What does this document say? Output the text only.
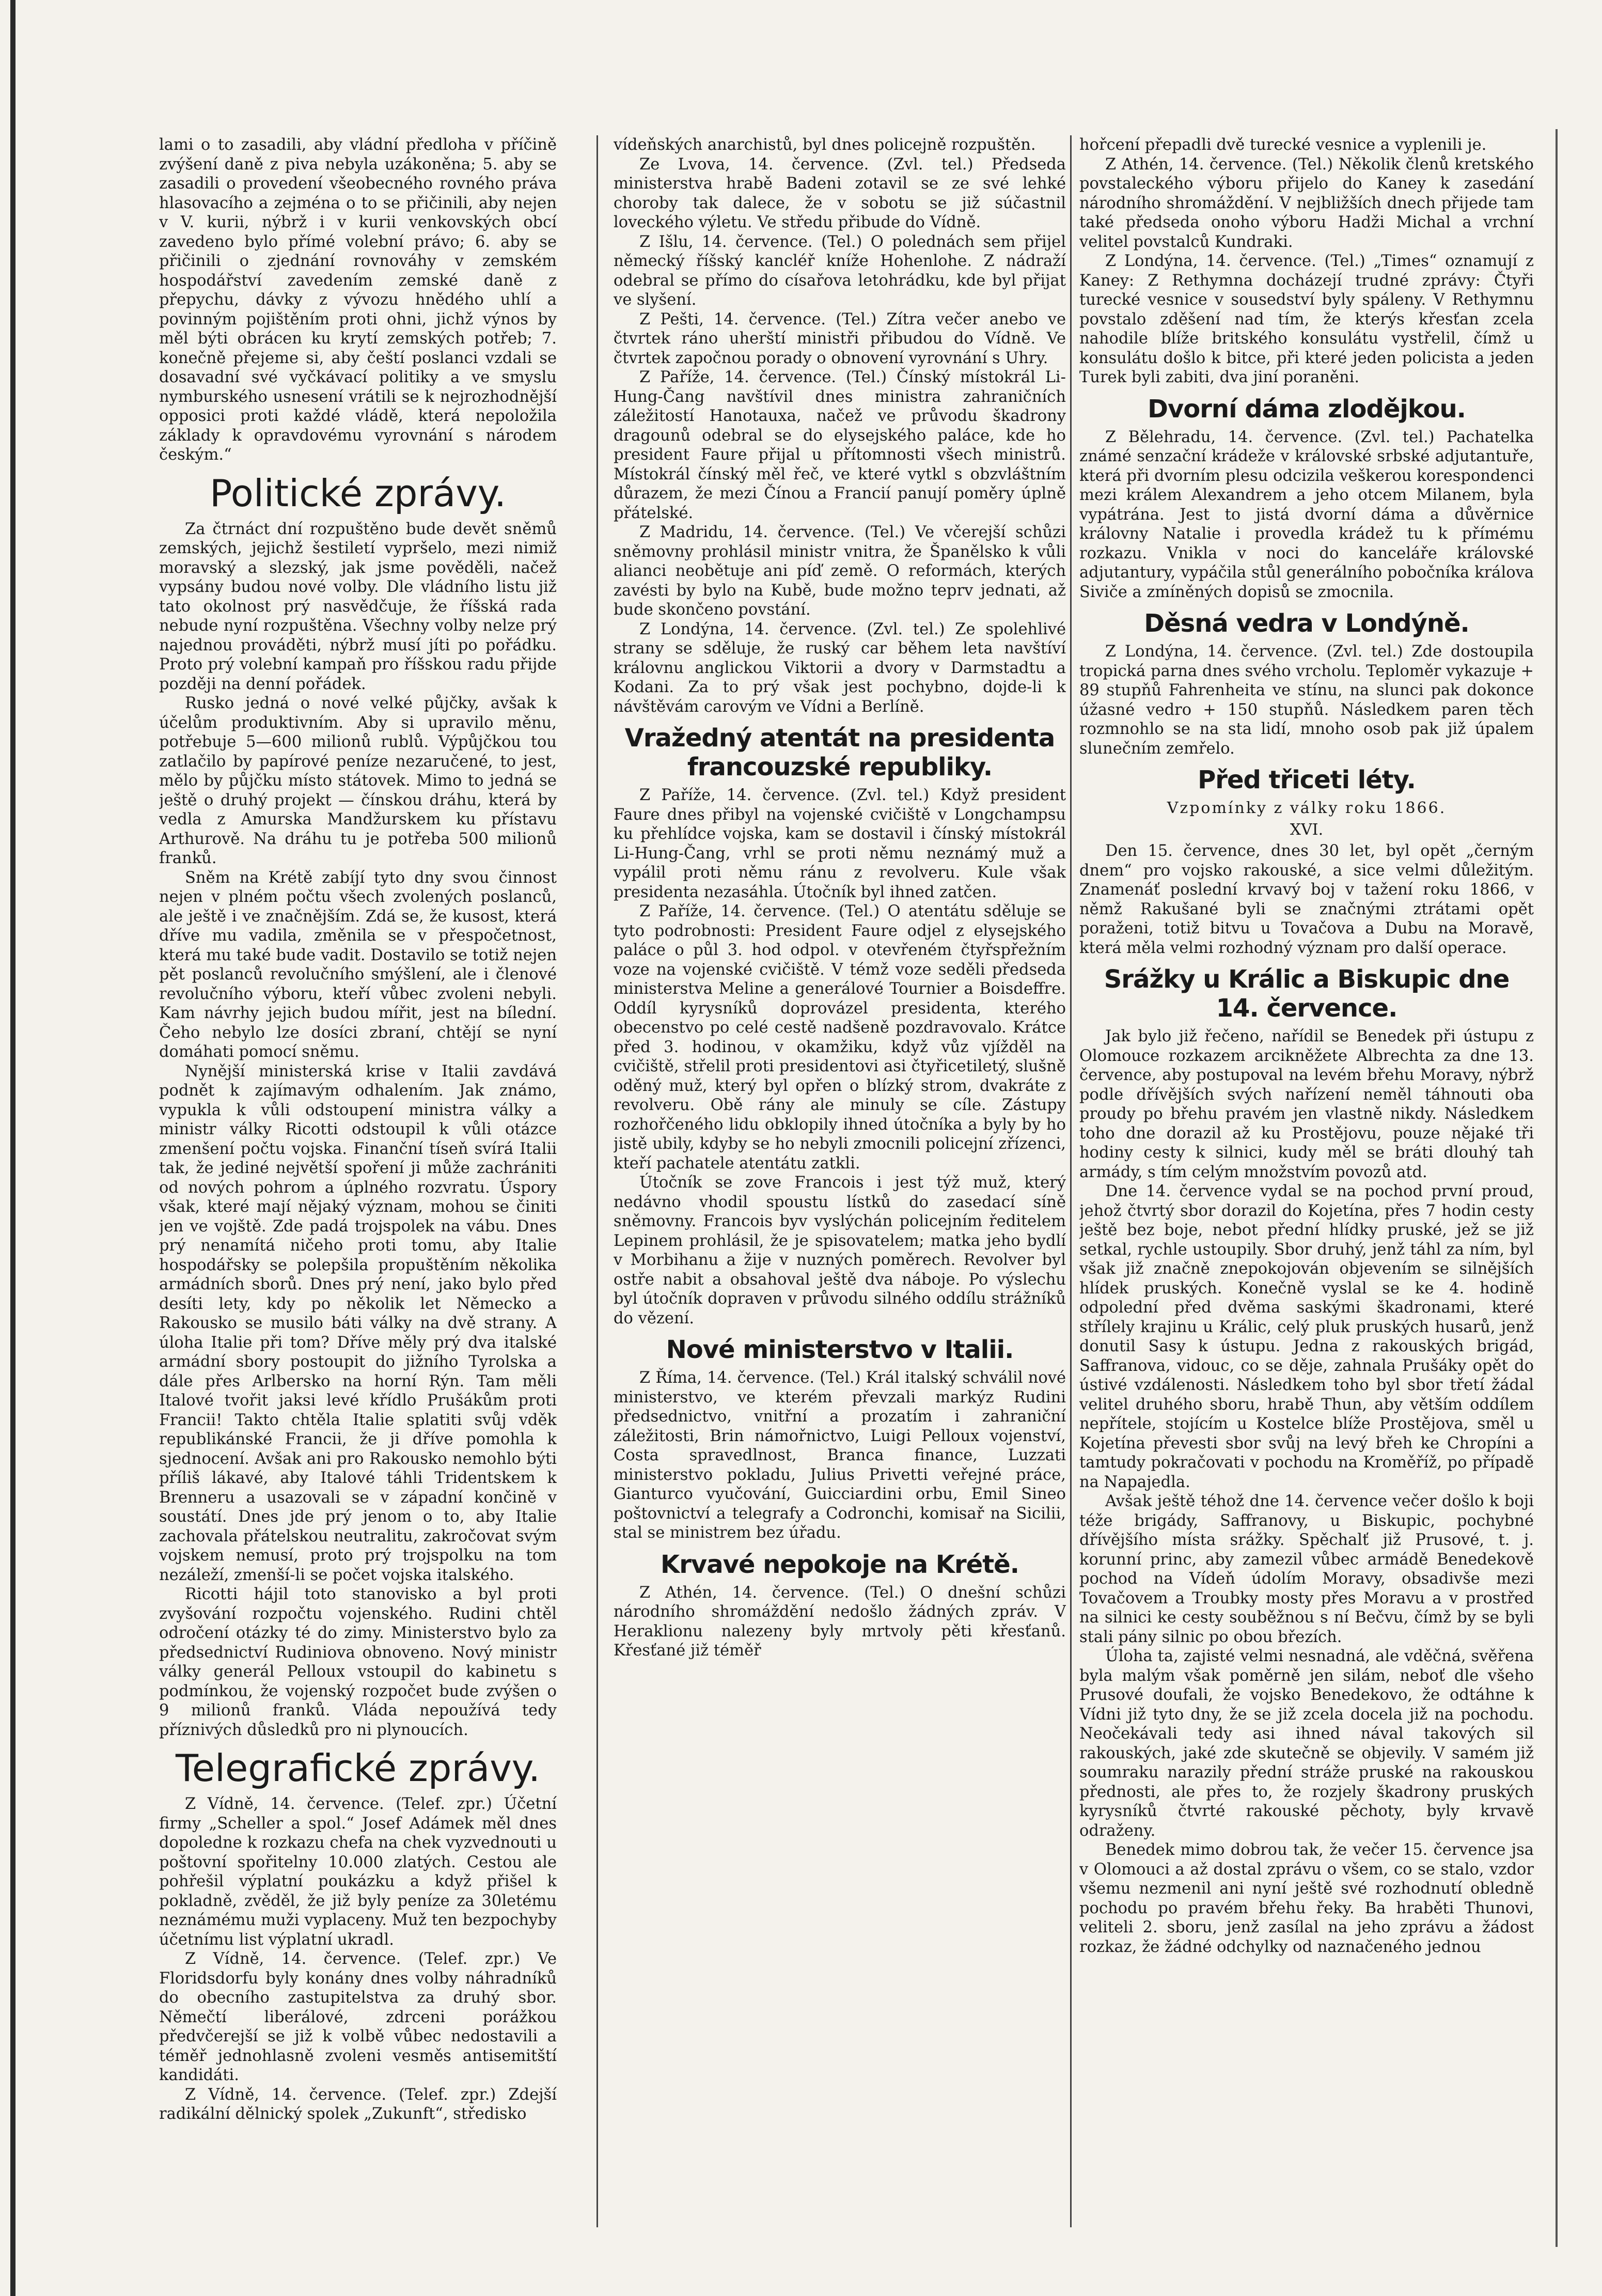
lami o to zasadili, aby vládní předloha v příčině zvýšení daně z piva nebyla uzákoněna; 5. aby se zasadili o provedení všeobecného rovného práva hlasovacího a zejména o to se přičinili, aby nejen v V. kurii, nýbrž i v kurii venkovských obcí zavedeno bylo přímé volební právo; 6. aby se přičinili o zjednání rovnováhy v zemském hospodářství zavedením zemské daně z přepychu, dávky z vývozu hnědého uhlí a povinným pojištěním proti ohni, jichž výnos by měl býti obrácen ku krytí zemských potřeb; 7. konečně přejeme si, aby čeští poslanci vzdali se dosavadní své vyčkávací politiky a ve smyslu nymburského usnesení vrátili se k nejrozhodnější opposici proti každé vládě, která nepoložila základy k opravdovému vyrovnání s národem českým.“

Politické zprávy.

Za čtrnáct dní rozpuštěno bude devět sněmů zemských, jejichž šestiletí vypršelo, mezi nimiž moravský a slezský, jak jsme pověděli, načež vypsány budou nové volby. Dle vládního listu již tato okolnost prý nasvědčuje, že říšská rada nebude nyní rozpuštěna. Všechny volby nelze prý najednou prováděti, nýbrž musí jíti po pořádku. Proto prý volební kampaň pro říšskou radu přijde později na denní pořádek.

Rusko jedná o nové velké půjčky, avšak k účelům produktivním. Aby si upravilo měnu, potřebuje 5—600 milionů rublů. Výpůjčkou tou zatlačilo by papírové peníze nezaručené, to jest, mělo by půjčku místo státovek. Mimo to jedná se ještě o druhý projekt — čínskou dráhu, která by vedla z Amurska Mandžurskem ku přístavu Arthurově. Na dráhu tu je potřeba 500 milionů franků.

Sněm na Krétě zabíjí tyto dny svou činnost nejen v plném počtu všech zvolených poslanců, ale ještě i ve značnějším. Zdá se, že kusost, která dříve mu vadila, změnila se v přespočetnost, která mu také bude vadit. Dostavilo se totiž nejen pět poslanců revolučního smýšlení, ale i členové revolučního výboru, kteří vůbec zvoleni nebyli. Kam návrhy jejich budou mířit, jest na bílední. Čeho nebylo lze dosíci zbraní, chtějí se nyní domáhati pomocí sněmu.

Nynější ministerská krise v Italii zavdává podnět k zajímavým odhalením. Jak známo, vypukla k vůli odstoupení ministra války a ministr války Ricotti odstoupil k vůli otázce zmenšení počtu vojska. Finanční tíseň svírá Italii tak, že jediné největší spoření ji může zachrániti od nových pohrom a úplného rozvratu. Úspory však, které mají nějaký význam, mohou se činiti jen ve vojště. Zde padá trojspolek na vábu. Dnes prý nenamítá ničeho proti tomu, aby Italie hospodářsky se polepšila propuštěním několika armádních sborů. Dnes prý není, jako bylo před desíti lety, kdy po několik let Německo a Rakousko se musilo báti války na dvě strany. A úloha Italie při tom? Dříve měly prý dva italské armádní sbory postoupit do jižního Tyrolska a dále přes Arlbersko na horní Rýn. Tam měli Italové tvořit jaksi levé křídlo Prušákům proti Francii! Takto chtěla Italie splatiti svůj vděk republikánské Francii, že ji dříve pomohla k sjednocení. Avšak ani pro Rakousko nemohlo býti příliš lákavé, aby Italové táhli Tridentskem k Brenneru a usazovali se v západní končině v soustátí. Dnes jde prý jenom o to, aby Italie zachovala přátelskou neutralitu, zakročovat svým vojskem nemusí, proto prý trojspolku na tom nezáleží, zmenší-li se počet vojska italského.

Ricotti hájil toto stanovisko a byl proti zvyšování rozpočtu vojenského. Rudini chtěl odročení otázky té do zimy. Ministerstvo bylo za předsednictví Rudiniova obnoveno. Nový ministr války generál Pelloux vstoupil do kabinetu s podmínkou, že vojenský rozpočet bude zvýšen o 9 milionů franků. Vláda nepoužívá tedy příznivých důsledků pro ni plynoucích.

Telegrafické zprávy.

Z Vídně, 14. července. (Telef. zpr.) Účetní firmy „Scheller a spol.“ Josef Adámek měl dnes dopoledne k rozkazu chefa na chek vyzvednouti u poštovní spořitelny 10.000 zlatých. Cestou ale pohřešil výplatní poukázku a když přišel k pokladně, zvěděl, že již byly peníze za 30letému neznámému muži vyplaceny. Muž ten bezpochyby účetnímu list výplatní ukradl.

Z Vídně, 14. července. (Telef. zpr.) Ve Floridsdorfu byly konány dnes volby náhradníků do obecního zastupitelstva za druhý sbor. Němečtí liberálové, zdrceni porážkou předvčerejší se již k volbě vůbec nedostavili a téměř jednohlasně zvoleni vesměs antisemitští kandidáti.

Z Vídně, 14. července. (Telef. zpr.) Zdejší radikální dělnický spolek „Zukunft“, středisko

vídeňských anarchistů, byl dnes policejně rozpuštěn.

Ze Lvova, 14. července. (Zvl. tel.) Předseda ministerstva hrabě Badeni zotavil se ze své lehké choroby tak dalece, že v sobotu se již súčastnil loveckého výletu. Ve středu přibude do Vídně.

Z Išlu, 14. července. (Tel.) O polednách sem přijel německý říšský kancléř kníže Hohenlohe. Z nádraží odebral se přímo do císařova letohrádku, kde byl přijat ve slyšení.

Z Pešti, 14. července. (Tel.) Zítra večer anebo ve čtvrtek ráno uherští ministři přibudou do Vídně. Ve čtvrtek započnou porady o obnovení vyrovnání s Uhry.

Z Paříže, 14. července. (Tel.) Čínský místokrál Li-Hung-Čang navštívil dnes ministra zahraničních záležitostí Hanotauxa, načež ve průvodu škadrony dragounů odebral se do elysejského paláce, kde ho president Faure přijal u přítomnosti všech ministrů. Místokrál čínský měl řeč, ve které vytkl s obzvláštním důrazem, že mezi Čínou a Francií panují poměry úplně přátelské.

Z Madridu, 14. července. (Tel.) Ve včerejší schůzi sněmovny prohlásil ministr vnitra, že Španělsko k vůli alianci neobětuje ani píď země. O reformách, kterých zavésti by bylo na Kubě, bude možno teprv jednati, až bude skončeno povstání.

Z Londýna, 14. července. (Zvl. tel.) Ze spolehlivé strany se sděluje, že ruský car během leta navštíví královnu anglickou Viktorii a dvory v Darmstadtu a Kodani. Za to prý však jest pochybno, dojde-li k návštěvám carovým ve Vídni a Berlíně.

Vražedný atentát na presidenta francouzské republiky.

Z Paříže, 14. července. (Zvl. tel.) Když president Faure dnes přibyl na vojenské cvičiště v Longchampsu ku přehlídce vojska, kam se dostavil i čínský místokrál Li-Hung-Čang, vrhl se proti němu neznámý muž a vypálil proti němu ránu z revolveru. Kule však presidenta nezasáhla. Útočník byl ihned zatčen.

Z Paříže, 14. července. (Tel.) O atentátu sděluje se tyto podrobnosti: President Faure odjel z elysejského paláce o půl 3. hod odpol. v otevřeném čtyřspřežním voze na vojenské cvičiště. V témž voze seděli předseda ministerstva Meline a generálové Tournier a Boisdeffre. Oddíl kyrysníků doprovázel presidenta, kterého obecenstvo po celé cestě nadšeně pozdravovalo. Krátce před 3. hodinou, v okamžiku, když vůz vjížděl na cvičiště, střelil proti presidentovi asi čtyřicetiletý, slušně oděný muž, který byl opřen o blízký strom, dvakráte z revolveru. Obě rány ale minuly se cíle. Zástupy rozhořčeného lidu obklopily ihned útočníka a byly by ho jistě ubily, kdyby se ho nebyli zmocnili policejní zřízenci, kteří pachatele atentátu zatkli.

Útočník se zove Francois i jest týž muž, který nedávno vhodil spoustu lístků do zasedací síně sněmovny. Francois byv vyslýchán policejním ředitelem Lepinem prohlásil, že je spisovatelem; matka jeho bydlí v Morbihanu a žije v nuzných poměrech. Revolver byl ostře nabit a obsahoval ještě dva náboje. Po výslechu byl útočník dopraven v průvodu silného oddílu strážníků do vězení.

Nové ministerstvo v Italii.

Z Říma, 14. července. (Tel.) Král italský schválil nové ministerstvo, ve kterém převzali markýz Rudini předsednictvo, vnitřní a prozatím i zahraniční záležitosti, Brin námořnictvo, Luigi Pelloux vojenství, Costa spravedlnost, Branca finance, Luzzati ministerstvo pokladu, Julius Privetti veřejné práce, Gianturco vyučování, Guicciardini orbu, Emil Sineo poštovnictví a telegrafy a Codronchi, komisař na Sicilii, stal se ministrem bez úřadu.

Krvavé nepokoje na Krétě.

Z Athén, 14. července. (Tel.) O dnešní schůzi národního shromáždění nedošlo žádných zpráv. V Heraklionu nalezeny byly mrtvoly pěti křesťanů. Křesťané již téměř

hořcení přepadli dvě turecké vesnice a vyplenili je.

Z Athén, 14. července. (Tel.) Několik členů kretského povstaleckého výboru přijelo do Kaney k zasedání národního shromáždění. V nejbližších dnech přijede tam také předseda onoho výboru Hadži Michal a vrchní velitel povstalců Kundraki.

Z Londýna, 14. července. (Tel.) „Times“ oznamují z Kaney: Z Rethymna docházejí trudné zprávy: Čtyři turecké vesnice v sousedství byly spáleny. V Rethymnu povstalo zděšení nad tím, že kterýs křesťan zcela nahodile blíže britského konsulátu vystřelil, čímž u konsulátu došlo k bitce, při které jeden policista a jeden Turek byli zabiti, dva jiní poraněni.

Dvorní dáma zlodějkou.

Z Bělehradu, 14. července. (Zvl. tel.) Pachatelka známé senzační krádeže v královské srbské adjutantuře, která při dvorním plesu odcizila veškerou korespondenci mezi králem Alexandrem a jeho otcem Milanem, byla vypátrána. Jest to jistá dvorní dáma a důvěrnice královny Natalie i provedla krádež tu k přímému rozkazu. Vnikla v noci do kanceláře královské adjutantury, vypáčila stůl generálního pobočníka králova Siviče a zmíněných dopisů se zmocnila.

Děsná vedra v Londýně.

Z Londýna, 14. července. (Zvl. tel.) Zde dostoupila tropická parna dnes svého vrcholu. Teploměr vykazuje + 89 stupňů Fahrenheita ve stínu, na slunci pak dokonce úžasné vedro + 150 stupňů. Následkem paren těch rozmnohlo se na sta lidí, mnoho osob pak již úpalem slunečním zemřelo.

Před třiceti léty.
Vzpomínky z války roku 1866.
XVI.

Den 15. července, dnes 30 let, byl opět „černým dnem“ pro vojsko rakouské, a sice velmi důležitým. Znamenáť poslední krvavý boj v tažení roku 1866, v němž Rakušané byli se značnými ztrátami opět poraženi, totiž bitvu u Tovačova a Dubu na Moravě, která měla velmi rozhodný význam pro další operace.

Srážky u Králic a Biskupic dne 14. července.

Jak bylo již řečeno, nařídil se Benedek při ústupu z Olomouce rozkazem arcikněžete Albrechta za dne 13. července, aby postupoval na levém břehu Moravy, nýbrž podle dřívějších svých nařízení neměl táhnouti oba proudy po břehu pravém jen vlastně nikdy. Následkem toho dne dorazil až ku Prostějovu, pouze nějaké tři hodiny cesty k silnici, kudy měl se bráti dlouhý tah armády, s tím celým množstvím povozů atd.

Dne 14. července vydal se na pochod první proud, jehož čtvrtý sbor dorazil do Kojetína, přes 7 hodin cesty ještě bez boje, nebot přední hlídky pruské, jež se již setkal, rychle ustoupily. Sbor druhý, jenž táhl za ním, byl však již značně znepokojován objevením se silnějších hlídek pruských. Konečně vyslal se ke 4. hodině odpolední před dvěma saskými škadronami, které střílely krajinu u Králic, celý pluk pruských husarů, jenž donutil Sasy k ústupu. Jedna z rakouských brigád, Saffranova, vidouc, co se děje, zahnala Prušáky opět do ústivé vzdálenosti. Následkem toho byl sbor třetí žádal velitel druhého sboru, hrabě Thun, aby větším oddílem nepřítele, stojícím u Kostelce blíže Prostějova, směl u Kojetína převesti sbor svůj na levý břeh ke Chropíni a tamtudy pokračovati v pochodu na Kroměříž, po případě na Napajedla.

Avšak ještě téhož dne 14. července večer došlo k boji téže brigády, Saffranovy, u Biskupic, pochybné dřívějšího místa srážky. Spěchalť již Prusové, t. j. korunní princ, aby zamezil vůbec armádě Benedekově pochod na Vídeň údolím Moravy, obsadivše mezi Tovačovem a Troubky mosty přes Moravu a v prostřed na silnici ke cesty souběžnou s ní Bečvu, čímž by se byli stali pány silnic po obou březích.

Úloha ta, zajisté velmi nesnadná, ale vděčná, svěřena byla malým však poměrně jen silám, neboť dle všeho Prusové doufali, že vojsko Benedekovo, že odtáhne k Vídni již tyto dny, že se již zcela docela již na pochodu. Neočekávali tedy asi ihned nával takových sil rakouských, jaké zde skutečně se objevily. V samém již soumraku narazily přední stráže pruské na rakouskou přednosti, ale přes to, že rozjely škadrony pruských kyrysníků čtvrté rakouské pěchoty, byly krvavě odraženy.

Benedek mimo dobrou tak, že večer 15. července jsa v Olomouci a až dostal zprávu o všem, co se stalo, vzdor všemu nezmenil ani nyní ještě své rozhodnutí obledně pochodu po pravém břehu řeky. Ba hraběti Thunovi, veliteli 2. sboru, jenž zasílal na jeho zprávu a žádost rozkaz, že žádné odchylky od naznačeného jednou
